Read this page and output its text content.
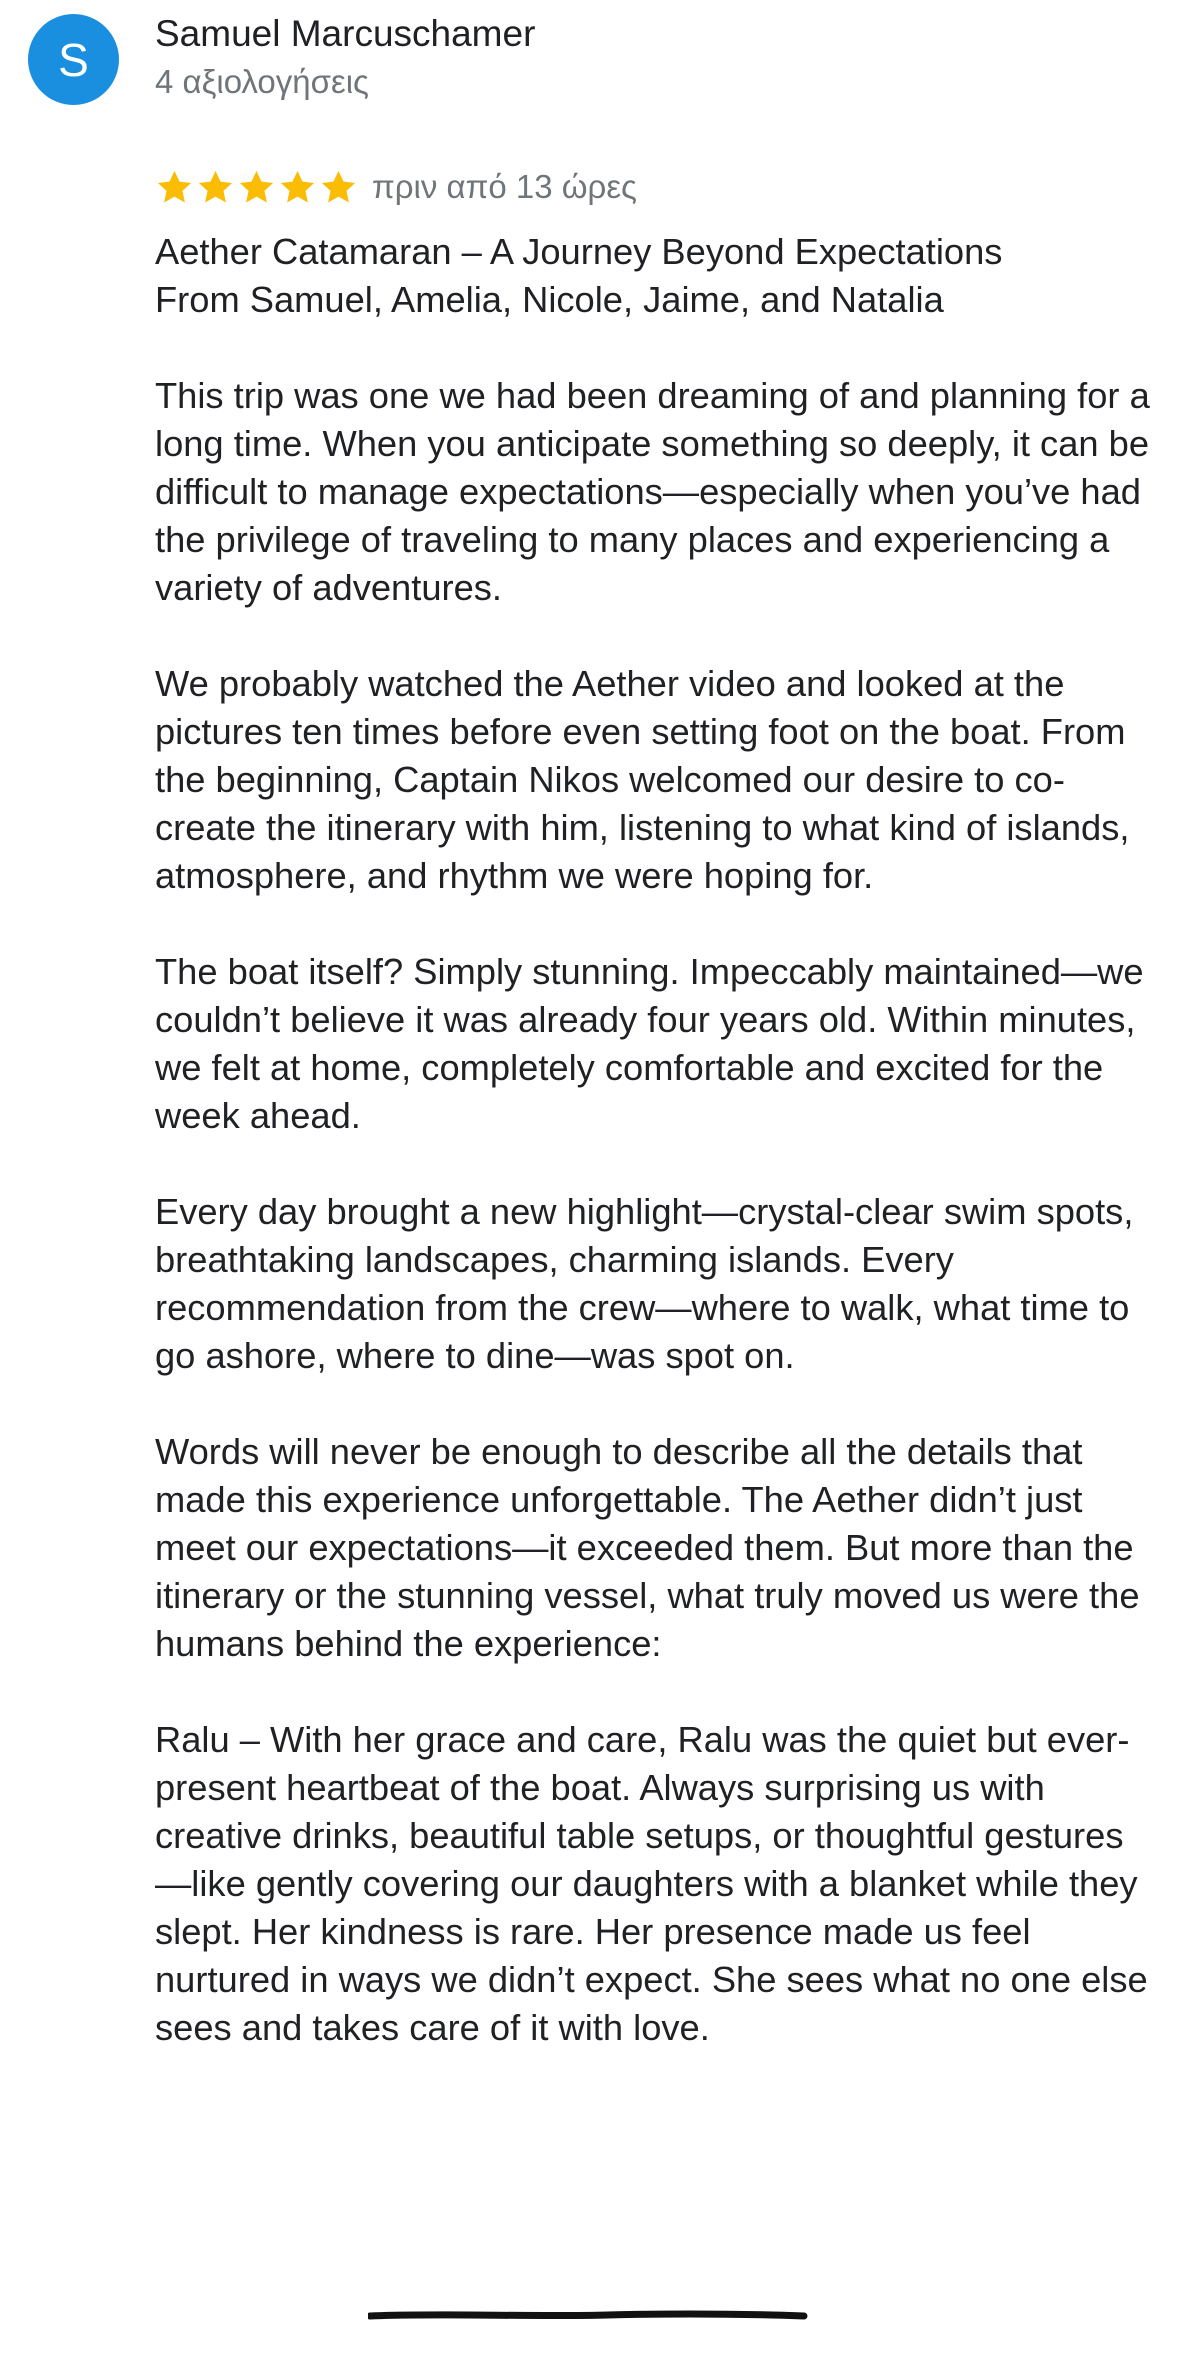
S Samuel Marcuschamer
4 αξιολογήσεις
πριν από 13 ώρες

Aether Catamaran – A Journey Beyond Expectations
From Samuel, Amelia, Nicole, Jaime, and Natalia

This trip was one we had been dreaming of and planning for a long time. When you anticipate something so deeply, it can be difficult to manage expectations—especially when you’ve had the privilege of traveling to many places and experiencing a variety of adventures.

We probably watched the Aether video and looked at the pictures ten times before even setting foot on the boat. From the beginning, Captain Nikos welcomed our desire to co-create the itinerary with him, listening to what kind of islands, atmosphere, and rhythm we were hoping for.

The boat itself? Simply stunning. Impeccably maintained—we couldn’t believe it was already four years old. Within minutes, we felt at home, completely comfortable and excited for the week ahead.

Every day brought a new highlight—crystal-clear swim spots, breathtaking landscapes, charming islands. Every recommendation from the crew—where to walk, what time to go ashore, where to dine—was spot on.

Words will never be enough to describe all the details that made this experience unforgettable. The Aether didn’t just meet our expectations—it exceeded them. But more than the itinerary or the stunning vessel, what truly moved us were the humans behind the experience:

Ralu – With her grace and care, Ralu was the quiet but ever-present heartbeat of the boat. Always surprising us with creative drinks, beautiful table setups, or thoughtful gestures—like gently covering our daughters with a blanket while they slept. Her kindness is rare. Her presence made us feel nurtured in ways we didn’t expect. She sees what no one else sees and takes care of it with love.
